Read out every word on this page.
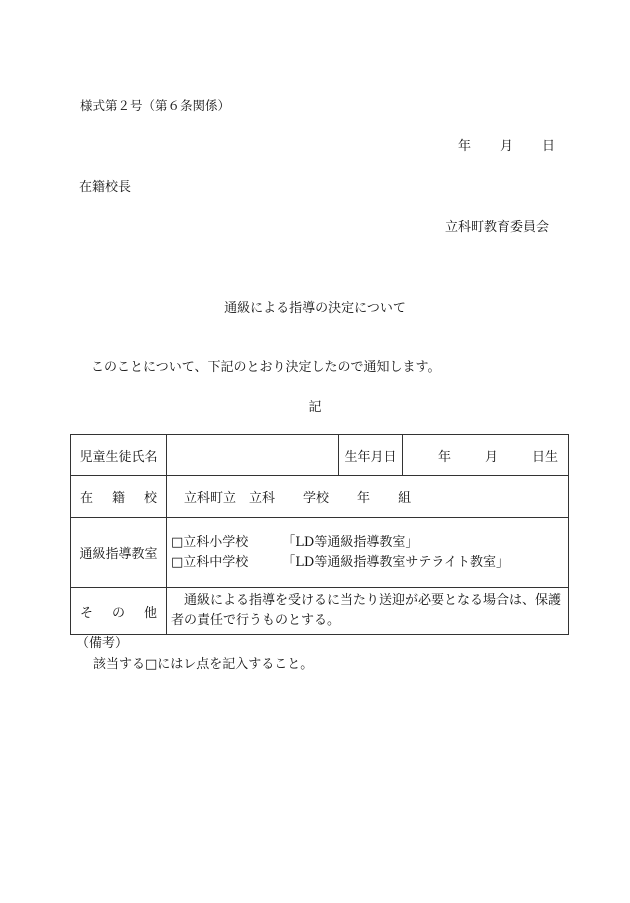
様式第２号（第６条関係）
年 月 日
在籍校長
立科町教育委員会
通級による指導の決定について
このことについて、下記のとおり決定したので通知します。
記
児童生徒氏名		生年月日	年 月 日生
在　籍　校	立科町立 立科 学校 年 組		
通級指導教室	□立科小学校 「LD等通級指導教室」
□立科中学校 「LD等通級指導教室サテライト教室」		

そ　の　他	通級による指導を受けるに当たり送迎が必要となる場合は、保護者の責任で行うものとする。		
（備考）
該当する□にはレ点を記入すること。
